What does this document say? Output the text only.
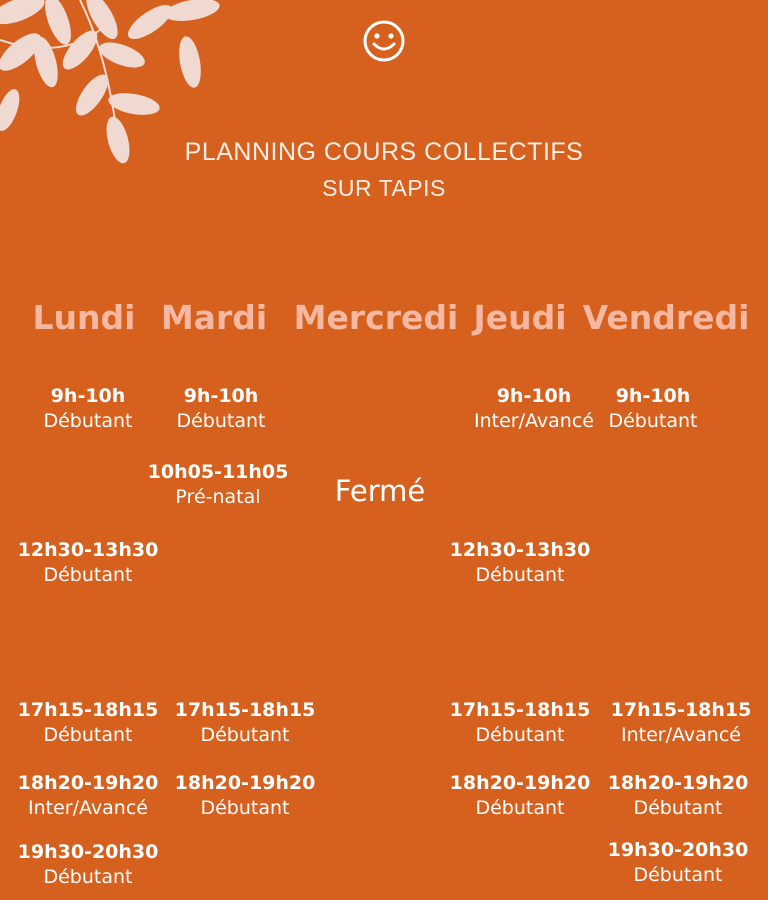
PLANNING COURS COLLECTIFS
SUR TAPIS
Lundi Mardi Mercredi Jeudi Vendredi
Fermé
9h-10h
Débutant
9h-10h
Débutant
9h-10h
Inter/Avancé
9h-10h
Débutant
10h05-11h05
Pré-natal
12h30-13h30
Débutant
12h30-13h30
Débutant
17h15-18h15
Débutant
17h15-18h15
Débutant
17h15-18h15
Débutant
17h15-18h15
Inter/Avancé
18h20-19h20
Inter/Avancé
18h20-19h20
Débutant
18h20-19h20
Débutant
18h20-19h20
Débutant
19h30-20h30
Débutant
19h30-20h30
Débutant
